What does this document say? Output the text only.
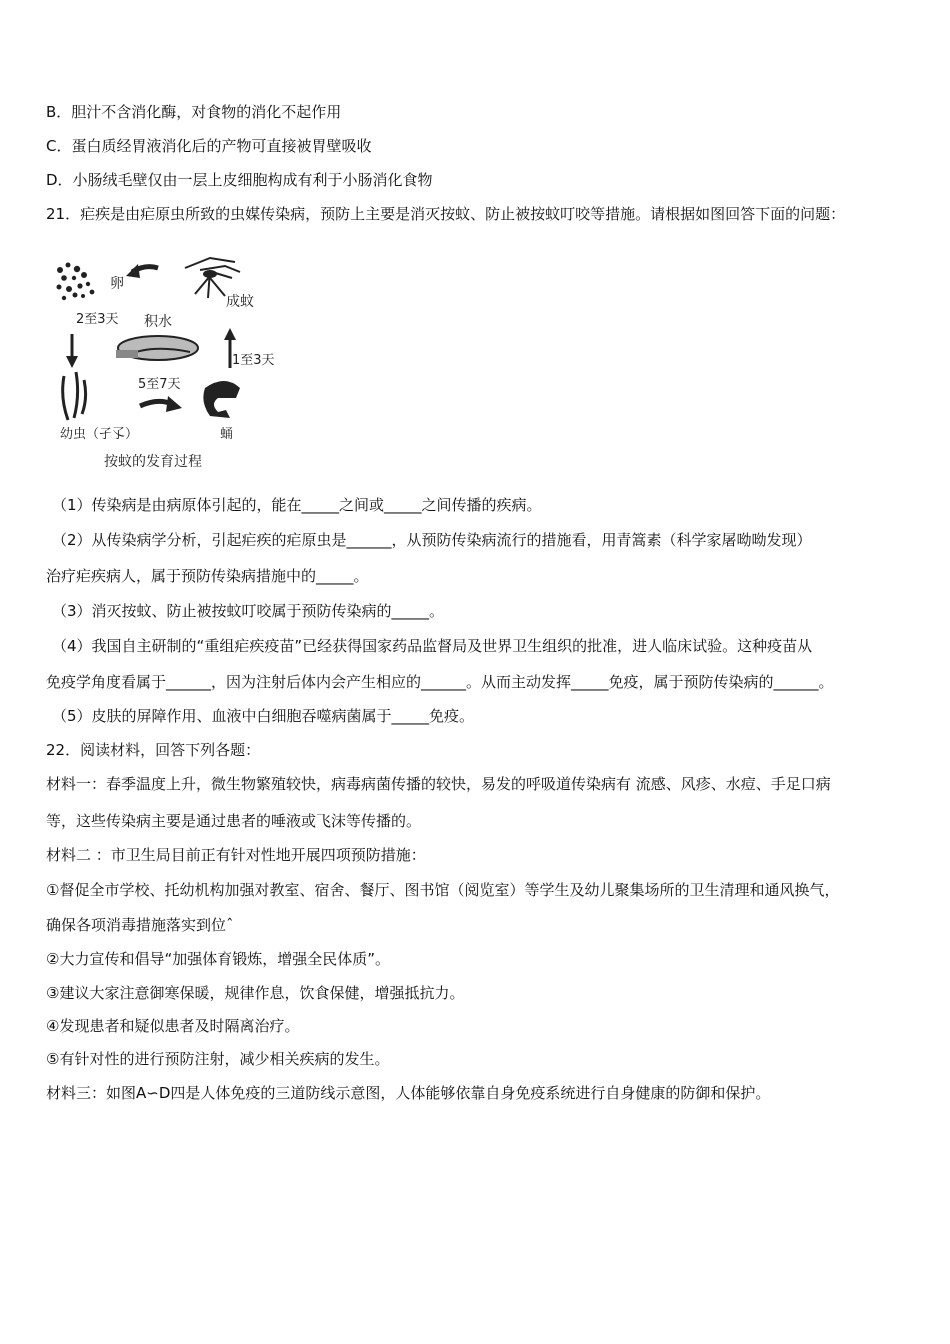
B．胆汁不含消化酶，对食物的消化不起作用
C．蛋白质经胃液消化后的产物可直接被胃壁吸收
D．小肠绒毛壁仅由一层上皮细胞构成有利于小肠消化食物
21．疟疾是由疟原虫所致的虫媒传染病，预防上主要是消灭按蚊、防止被按蚊叮咬等措施。请根据如图回答下面的问题：
卵
成蚊
2至3天 积水
1至3天
5至7天
幼虫（孑孓）	蛹
按蚊的发育过程
（1）传染病是由病原体引起的，能在_____之间或_____之间传播的疾病。
（2）从传染病学分析，引起疟疾的疟原虫是______，从预防传染病流行的措施看，用青篙素（科学家屠呦呦发现）
治疗疟疾病人，属于预防传染病措施中的_____。
（3）消灭按蚊、防止被按蚊叮咬属于预防传染病的_____。
（4）我国自主研制的“重组疟疾疫苗”已经获得国家药品监督局及世界卫生组织的批准，进人临床试验。这种疫苗从
免疫学角度看属于______，因为注射后体内会产生相应的______。从而主动发挥_____免疫，属于预防传染病的______。
（5）皮肤的屏障作用、血液中白细胞吞噬病菌属于_____免疫。
22．阅读材料，回答下列各题：
材料一：春季温度上升，微生物繁殖较快，病毒病菌传播的较快，易发的呼吸道传染病有 流感、风疹、水痘、手足口病
等，这些传染病主要是通过患者的唾液或飞沫等传播的。
材料二 ：市卫生局目前正有针对性地开展四项预防措施：
①督促全市学校、托幼机构加强对教室、宿舍、餐厅、图书馆（阅览室）等学生及幼儿聚集场所的卫生清理和通风换气，
确保各项消毒措施落实到位ˆ
②大力宣传和倡导“加强体育锻炼，增强全民体质”。
③建议大家注意御寒保暖，规律作息，饮食保健，增强抵抗力。
④发现患者和疑似患者及时隔离治疗。
⑤有针对性的进行预防注射，减少相关疾病的发生。
材料三：如图A∽D四是人体免疫的三道防线示意图，人体能够依靠自身免疫系统进行自身健康的防御和保护。
